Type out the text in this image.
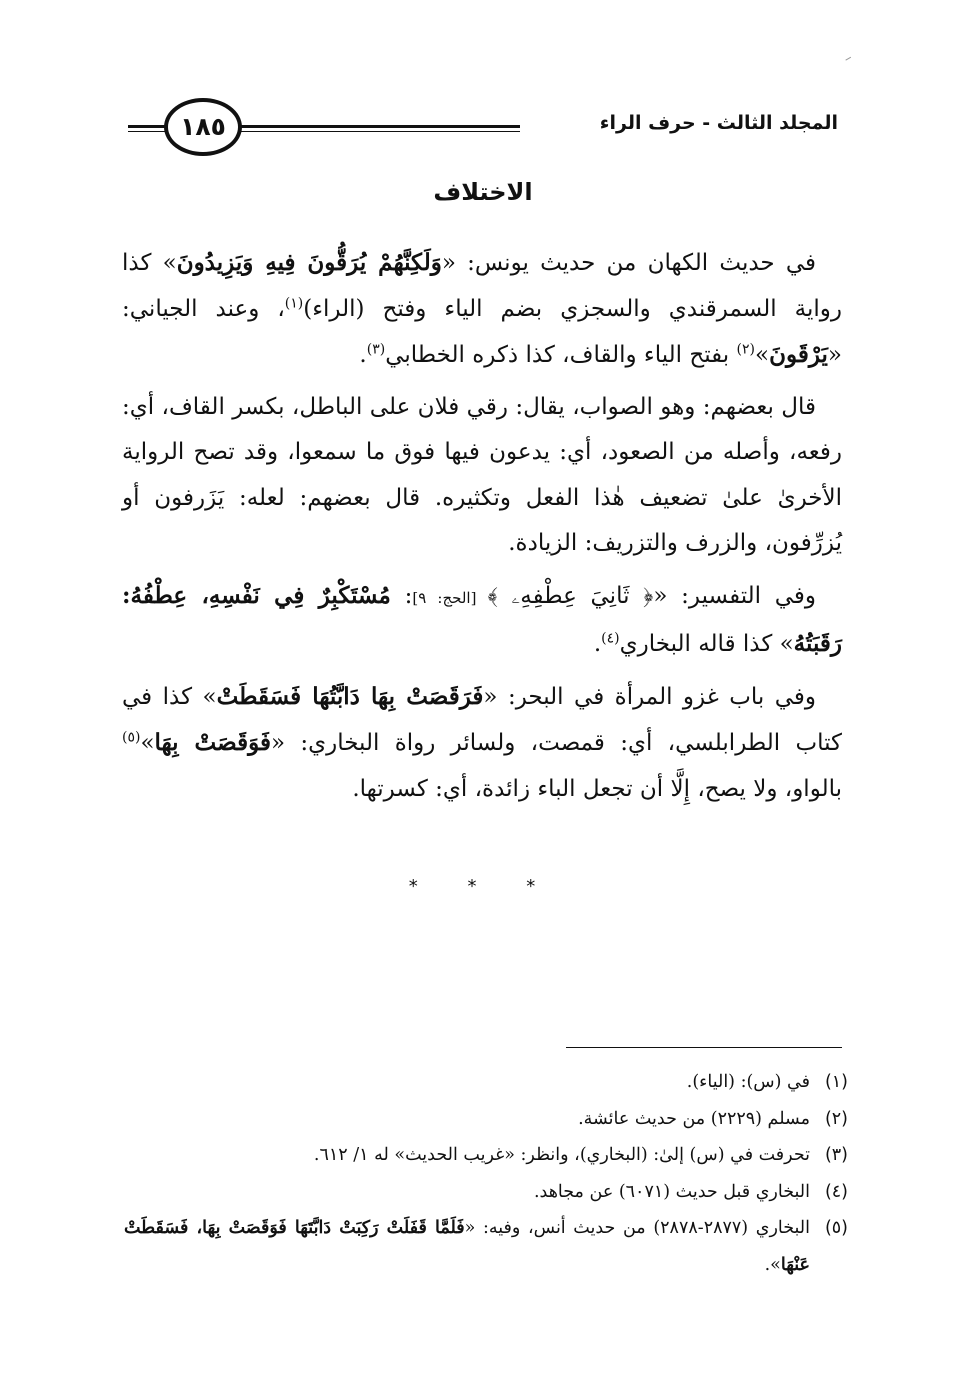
المجلد الثالث - حرف الراء
١٨٥
الاختلاف

في حديث الكهان من حديث يونس: «وَلَكِنَّهُمْ يُرَقُّونَ فِيهِ وَيَزِيدُونَ» كذا رواية السمرقندي والسجزي بضم الياء وفتح (الراء)$^{(١)}$، وعند الجياني: «يَرْقَونَ»$^{(٢)}$ بفتح الياء والقاف، كذا ذكره الخطابي$^{(٣)}$.

قال بعضهم: وهو الصواب، يقال: رقي فلان على الباطل، بكسر القاف، أي: رفعه، وأصله من الصعود، أي: يدعون فيها فوق ما سمعوا، وقد تصح الرواية الأخرىٰ علىٰ تضعيف هٰذا الفعل وتكثيره. قال بعضهم: لعله: يَزَرفون أو يُزرِّفون، والزرف والتزريف: الزيادة.

وفي التفسير: «﴿ ثَانِيَ عِطْفِهِۦ ﴾ [الحج: ٩]: مُسْتَكْبِرٌ فِي نَفْسِهِ، عِطْفُهُ: رَقَبَتُهُ» كذا قاله البخاري$^{(٤)}$.

وفي باب غزو المرأة في البحر: «فَرَقَصَتْ بِهَا دَابَّتُهَا فَسَقَطَتْ» كذا في كتاب الطرابلسي، أي: قمصت، ولسائر رواة البخاري: «فَوَقَصَتْ بِهَا»$^{(٥)}$ بالواو، ولا يصح، إِلَّا أن تجعل الباء زائدة، أي: كسرتها.

* * *
(١)
في (س): (الياء).
(٢)
مسلم (٢٢٢٩) من حديث عائشة.
(٣)
تحرفت في (س) إلىٰ: (البخاري)، وانظر: «غريب الحديث» له ١/ ٦١٢.
(٤)
البخاري قبل حديث (٦٠٧١) عن مجاهد.
(٥)
البخاري (٢٨٧٧-٢٨٧٨) من حديث أنس، وفيه: «فَلَمَّا قَفَلَتْ رَكِبَتْ دَابَّتَهَا فَوَقَصَتْ بِهَا، فَسَقَطَتْ عَنْهَا».
